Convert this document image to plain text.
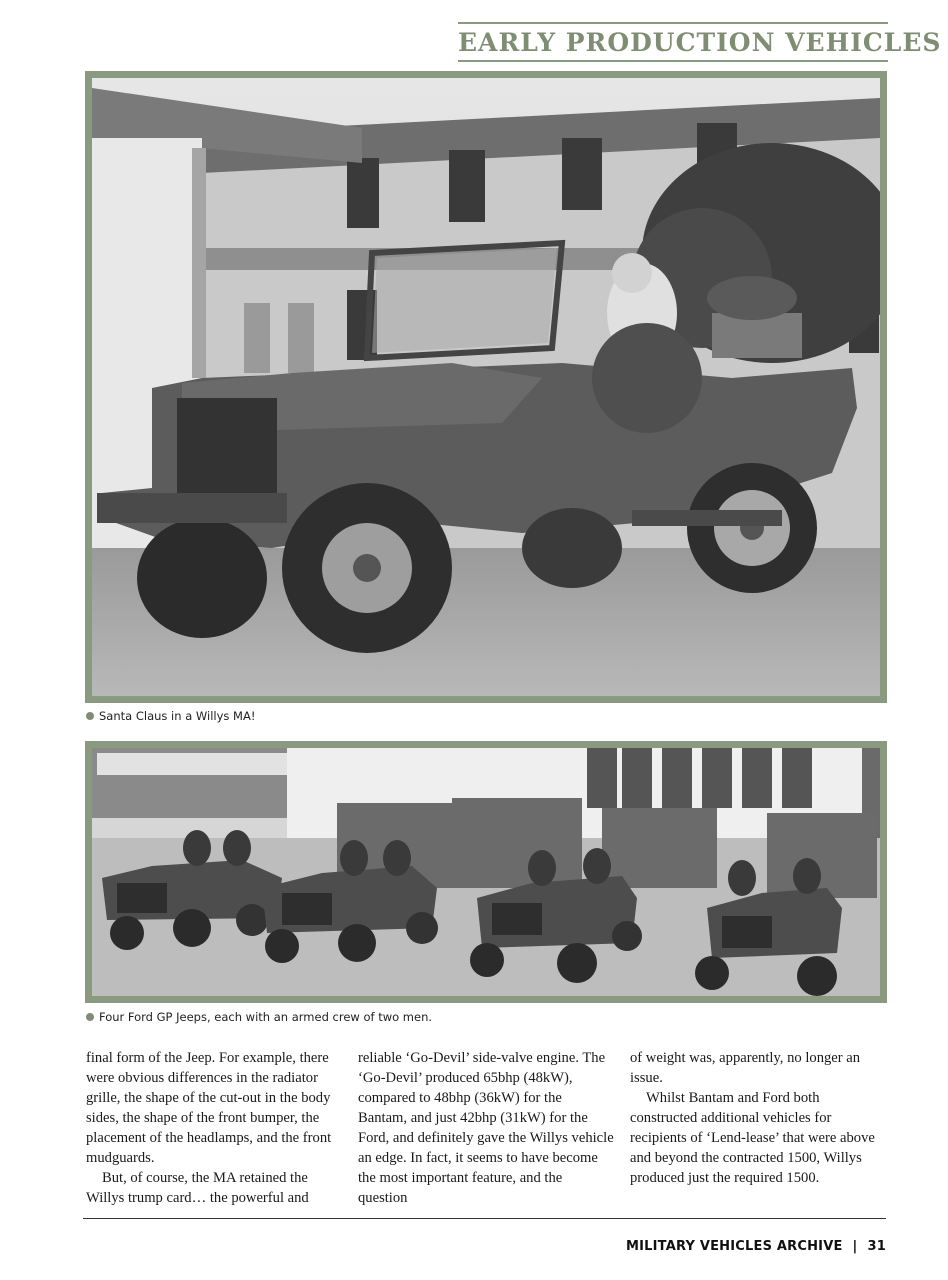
EARLY PRODUCTION VEHICLES
Santa Claus in a Willys MA!
Four Ford GP Jeeps, each with an armed crew of two men.

final form of the Jeep. For example, there were obvious differences in the radiator grille, the shape of the cut-out in the body sides, the shape of the front bumper, the placement of the headlamps, and the front mudguards.

But, of course, the MA retained the Willys trump card… the powerful and

reliable ‘Go-Devil’ side-valve engine. The ‘Go-Devil’ produced 65bhp (48kW), compared to 48bhp (36kW) for the Bantam, and just 42bhp (31kW) for the Ford, and definitely gave the Willys vehicle an edge. In fact, it seems to have become the most important feature, and the question

of weight was, apparently, no longer an issue.

Whilst Bantam and Ford both constructed additional vehicles for recipients of ‘Lend-lease’ that were above and beyond the contracted 1500, Willys produced just the required 1500.

MILITARY VEHICLES ARCHIVE | 31
